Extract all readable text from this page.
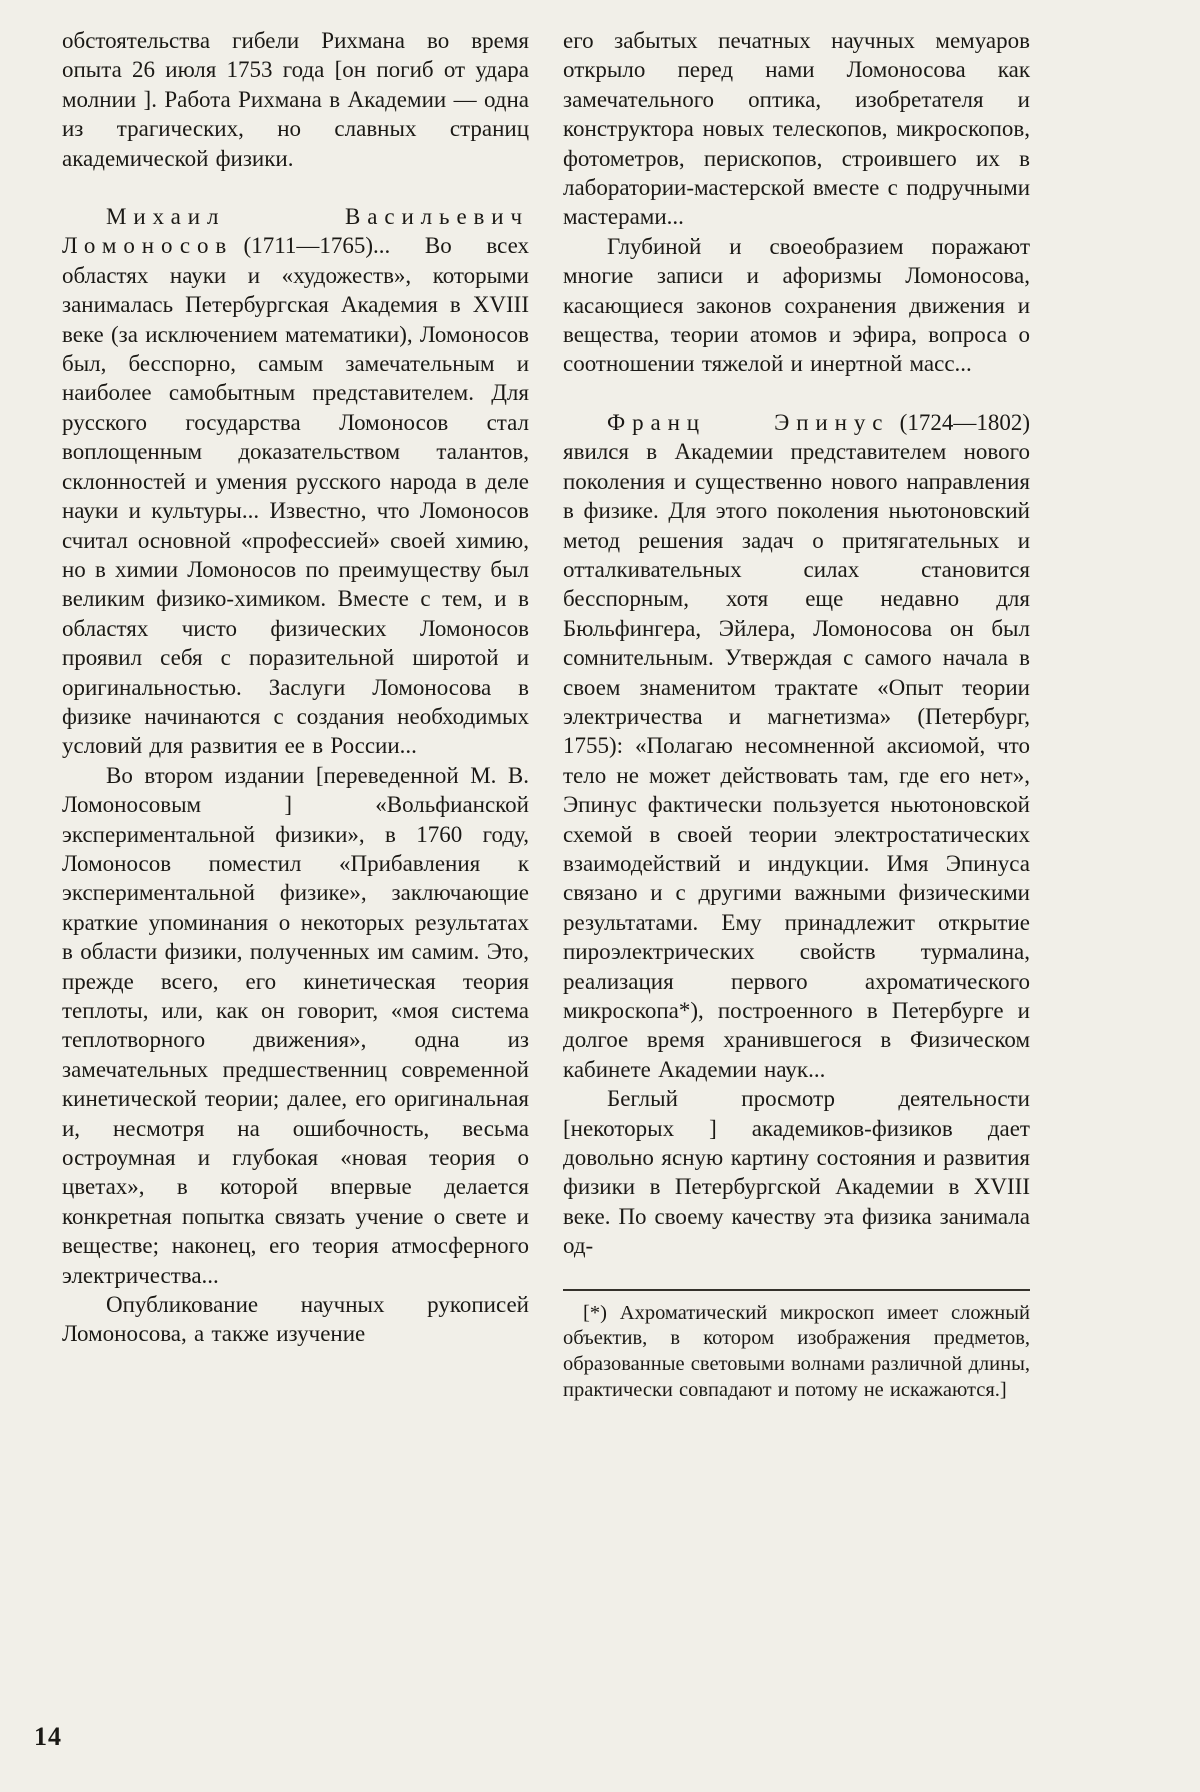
обстоятельства гибели Рихмана во время опыта 26 июля 1753 года [он погиб от удара молнии ]. Работа Рихмана в Академии — одна из трагических, но славных страниц академической физики.

Михаил Васильевич Ломоносов (1711—1765)... Во всех областях науки и «художеств», которыми занималась Петербургская Академия в XVIII веке (за исключением математики), Ломоносов был, бесспорно, самым замечательным и наиболее самобытным представителем. Для русского государства Ломоносов стал воплощенным доказательством талантов, склонностей и умения русского народа в деле науки и культуры... Известно, что Ломоносов считал основной «профессией» своей химию, но в химии Ломоносов по преимуществу был великим физико-химиком. Вместе с тем, и в областях чисто физических Ломоносов проявил себя с поразительной широтой и оригинальностью. Заслуги Ломоносова в физике начинаются с создания необходимых условий для развития ее в России...

Во втором издании [переведенной М. В. Ломоносовым ] «Вольфианской экспериментальной физики», в 1760 году, Ломоносов поместил «Прибавления к экспериментальной физике», заключающие краткие упоминания о некоторых результатах в области физики, полученных им самим. Это, прежде всего, его кинетическая теория теплоты, или, как он говорит, «моя система теплотворного движения», одна из замечательных предшественниц современной кинетической теории; далее, его оригинальная и, несмотря на ошибочность, весьма остроумная и глубокая «новая теория о цветах», в которой впервые делается конкретная попытка связать учение о свете и веществе; наконец, его теория атмосферного электричества...

Опубликование научных рукописей Ломоносова, а также изучение

его забытых печатных научных мемуаров открыло перед нами Ломоносова как замечательного оптика, изобретателя и конструктора новых телескопов, микроскопов, фотометров, перископов, строившего их в лаборатории-мастерской вместе с подручными мастерами...

Глубиной и своеобразием поражают многие записи и афоризмы Ломоносова, касающиеся законов сохранения движения и вещества, теории атомов и эфира, вопроса о соотношении тяжелой и инертной масс...

Франц Эпинус (1724—1802) явился в Академии представителем нового поколения и существенно нового направления в физике. Для этого поколения ньютоновский метод решения задач о притягательных и отталкивательных силах становится бесспорным, хотя еще недавно для Бюльфингера, Эйлера, Ломоносова он был сомнительным. Утверждая с самого начала в своем знаменитом трактате «Опыт теории электричества и магнетизма» (Петербург, 1755): «Полагаю несомненной аксиомой, что тело не может действовать там, где его нет», Эпинус фактически пользуется ньютоновской схемой в своей теории электростатических взаимодействий и индукции. Имя Эпинуса связано и с другими важными физическими результатами. Ему принадлежит открытие пироэлектрических свойств турмалина, реализация первого ахроматического микроскопа*), построенного в Петербурге и долгое время хранившегося в Физическом кабинете Академии наук...

Беглый просмотр деятельности [некоторых ] академиков-физиков дает довольно ясную картину состояния и развития физики в Петербургской Академии в XVIII веке. По своему качеству эта физика занимала од-

[*) Ахроматический микроскоп имеет сложный объектив, в котором изображения предметов, образованные световыми волнами различной длины, практически совпадают и потому не искажаются.]

14
